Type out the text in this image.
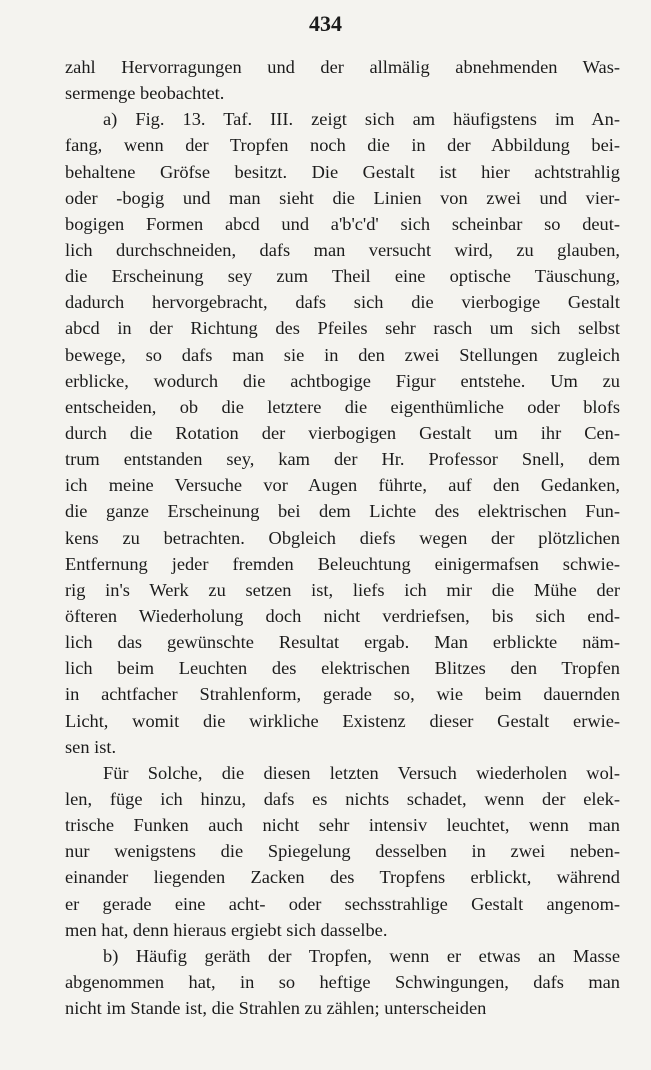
434
zahl Hervorragungen und der allmälig abnehmenden Was-
sermenge beobachtet.
a) Fig. 13. Taf. III. zeigt sich am häufigstens im An-
fang, wenn der Tropfen noch die in der Abbildung bei-
behaltene Gröfse besitzt. Die Gestalt ist hier achtstrahlig
oder -bogig und man sieht die Linien von zwei und vier-
bogigen Formen abcd und a'b'c'd' sich scheinbar so deut-
lich durchschneiden, dafs man versucht wird, zu glauben,
die Erscheinung sey zum Theil eine optische Täuschung,
dadurch hervorgebracht, dafs sich die vierbogige Gestalt
abcd in der Richtung des Pfeiles sehr rasch um sich selbst
bewege, so dafs man sie in den zwei Stellungen zugleich
erblicke, wodurch die achtbogige Figur entstehe. Um zu
entscheiden, ob die letztere die eigenthümliche oder blofs
durch die Rotation der vierbogigen Gestalt um ihr Cen-
trum entstanden sey, kam der Hr. Professor Snell, dem
ich meine Versuche vor Augen führte, auf den Gedanken,
die ganze Erscheinung bei dem Lichte des elektrischen Fun-
kens zu betrachten. Obgleich diefs wegen der plötzlichen
Entfernung jeder fremden Beleuchtung einigermafsen schwie-
rig in's Werk zu setzen ist, liefs ich mir die Mühe der
öfteren Wiederholung doch nicht verdriefsen, bis sich end-
lich das gewünschte Resultat ergab. Man erblickte näm-
lich beim Leuchten des elektrischen Blitzes den Tropfen
in achtfacher Strahlenform, gerade so, wie beim dauernden
Licht, womit die wirkliche Existenz dieser Gestalt erwie-
sen ist.
Für Solche, die diesen letzten Versuch wiederholen wol-
len, füge ich hinzu, dafs es nichts schadet, wenn der elek-
trische Funken auch nicht sehr intensiv leuchtet, wenn man
nur wenigstens die Spiegelung desselben in zwei neben-
einander liegenden Zacken des Tropfens erblickt, während
er gerade eine acht- oder sechsstrahlige Gestalt angenom-
men hat, denn hieraus ergiebt sich dasselbe.
b) Häufig geräth der Tropfen, wenn er etwas an Masse
abgenommen hat, in so heftige Schwingungen, dafs man
nicht im Stande ist, die Strahlen zu zählen; unterscheiden
